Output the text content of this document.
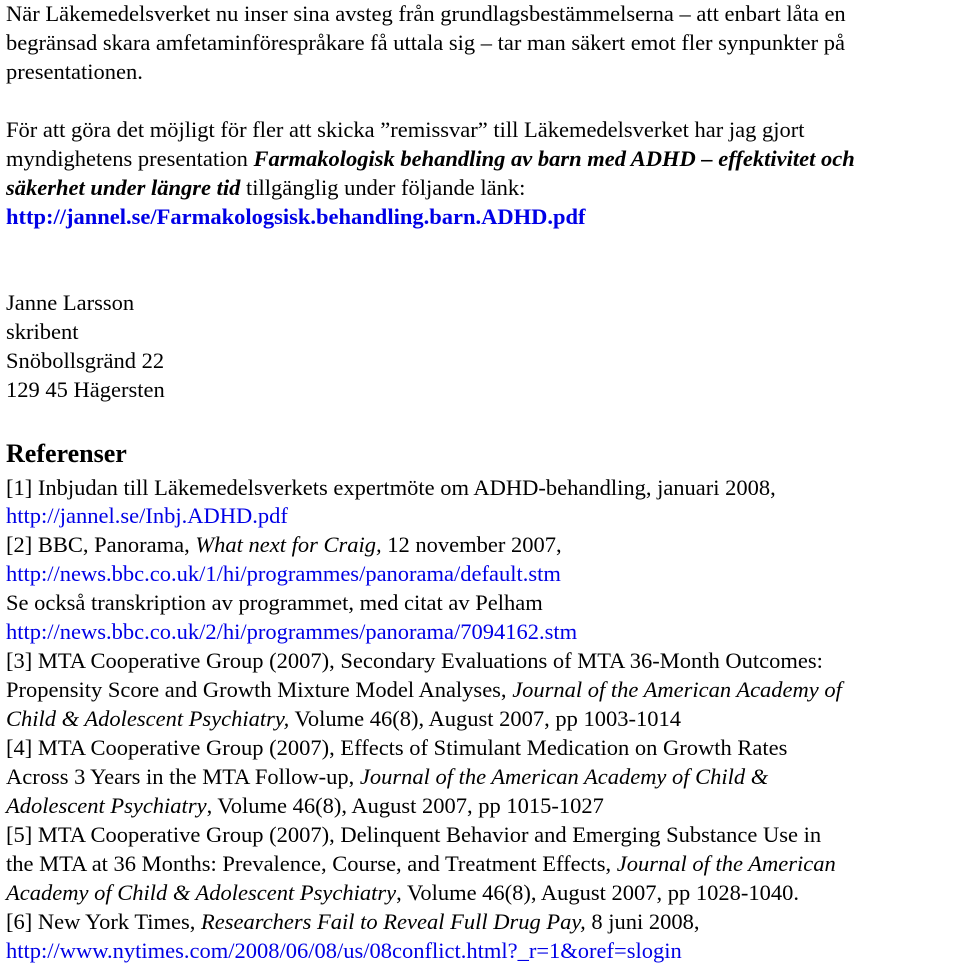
När Läkemedelsverket nu inser sina avsteg från grundlagsbestämmelserna – att enbart låta en

begränsad skara amfetaminförespråkare få uttala sig – tar man säkert emot fler synpunkter på

presentationen.

För att göra det möjligt för fler att skicka ”remissvar” till Läkemedelsverket har jag gjort

myndighetens presentation Farmakologisk behandling av barn med ADHD – effektivitet och

säkerhet under längre tid tillgänglig under följande länk:

http://jannel.se/Farmakologsisk.behandling.barn.ADHD.pdf

Janne Larsson

skribent

Snöbollsgränd 22

129 45 Hägersten

Referenser

[1] Inbjudan till Läkemedelsverkets expertmöte om ADHD-behandling, januari 2008,

http://jannel.se/Inbj.ADHD.pdf

[2] BBC, Panorama, What next for Craig, 12 november 2007,

http://news.bbc.co.uk/1/hi/programmes/panorama/default.stm

Se också transkription av programmet, med citat av Pelham

http://news.bbc.co.uk/2/hi/programmes/panorama/7094162.stm

[3] MTA Cooperative Group (2007), Secondary Evaluations of MTA 36-Month Outcomes:

Propensity Score and Growth Mixture Model Analyses, Journal of the American Academy of

Child & Adolescent Psychiatry, Volume 46(8), August 2007, pp 1003-1014

[4] MTA Cooperative Group (2007), Effects of Stimulant Medication on Growth Rates

Across 3 Years in the MTA Follow-up, Journal of the American Academy of Child &

Adolescent Psychiatry, Volume 46(8), August 2007, pp 1015-1027

[5] MTA Cooperative Group (2007), Delinquent Behavior and Emerging Substance Use in

the MTA at 36 Months: Prevalence, Course, and Treatment Effects, Journal of the American

Academy of Child & Adolescent Psychiatry, Volume 46(8), August 2007, pp 1028-1040.

[6] New York Times, Researchers Fail to Reveal Full Drug Pay, 8 juni 2008,

http://www.nytimes.com/2008/06/08/us/08conflict.html?_r=1&oref=slogin
